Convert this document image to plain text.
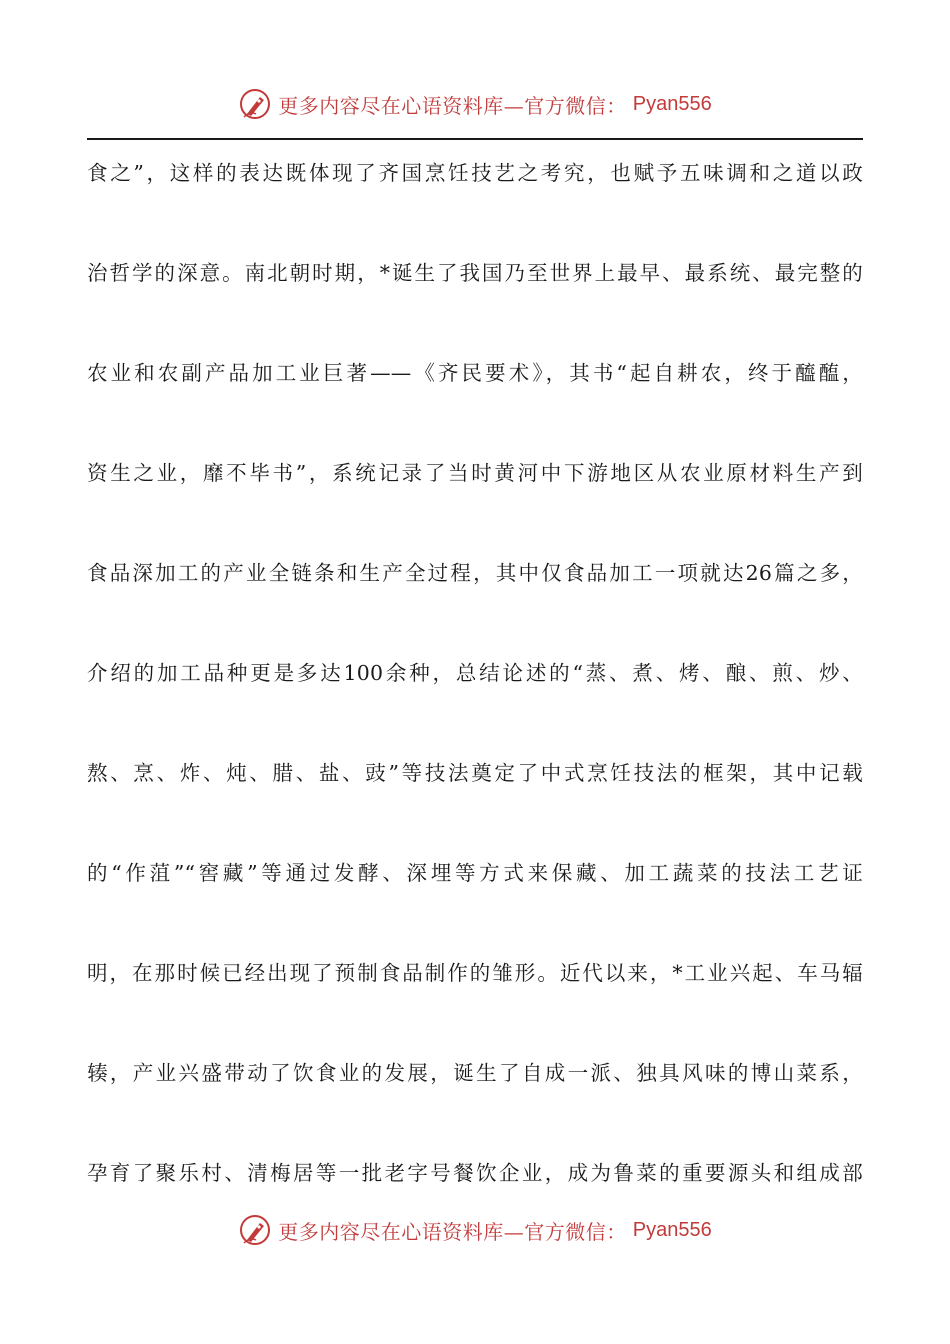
更多内容尽在心语资料库—官方微信： Pyan556
食之”，这样的表达既体现了齐国烹饪技艺之考究，也赋予五味调和之道以政
治哲学的深意。南北朝时期，*诞生了我国乃至世界上最早、最系统、最完整的
农业和农副产品加工业巨著——《齐民要术》，其书“起自耕农，终于醯醢，
资生之业，靡不毕书”，系统记录了当时黄河中下游地区从农业原材料生产到
食品深加工的产业全链条和生产全过程，其中仅食品加工一项就达26篇之多，
介绍的加工品种更是多达100余种，总结论述的“蒸、煮、烤、酿、煎、炒、
熬、烹、炸、炖、腊、盐、豉”等技法奠定了中式烹饪技法的框架，其中记载
的“作菹”“窖藏”等通过发酵、深埋等方式来保藏、加工蔬菜的技法工艺证
明，在那时候已经出现了预制食品制作的雏形。近代以来，*工业兴起、车马辐
辏，产业兴盛带动了饮食业的发展，诞生了自成一派、独具风味的博山菜系，
孕育了聚乐村、清梅居等一批老字号餐饮企业，成为鲁菜的重要源头和组成部
更多内容尽在心语资料库—官方微信： Pyan556
